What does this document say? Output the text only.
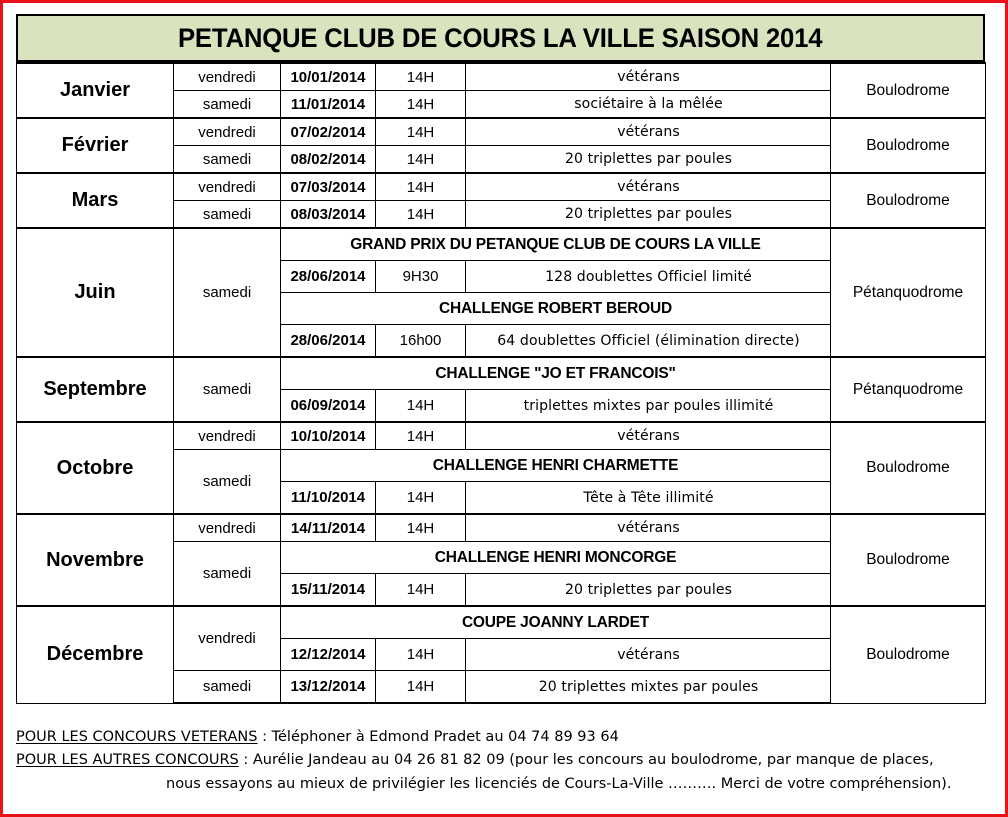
PETANQUE CLUB DE COURS LA VILLE SAISON 2014
Janvier	vendredi	10/01/2014	14H	vétérans	Boulodrome
	samedi	11/01/2014	14H	sociétaire à la mêlée	
Février	vendredi	07/02/2014	14H	vétérans	Boulodrome
	samedi	08/02/2014	14H	20 triplettes par poules	
Mars	vendredi	07/03/2014	14H	vétérans	Boulodrome
	samedi	08/03/2014	14H	20 triplettes par poules	
Juin	samedi	GRAND PRIX DU PETANQUE CLUB DE COURS LA VILLE			Pétanquodrome
		28/06/2014	9H30	128 doublettes Officiel limité	
		CHALLENGE ROBERT BEROUD			
		28/06/2014	16h00	64 doublettes Officiel (élimination directe)	
Septembre	samedi	CHALLENGE "JO ET FRANCOIS"			Pétanquodrome
		06/09/2014	14H	triplettes mixtes par poules illimité	
Octobre	vendredi	10/10/2014	14H	vétérans	Boulodrome
	samedi	CHALLENGE HENRI CHARMETTE			
		11/10/2014	14H	Tête à Tête illimité	
Novembre	vendredi	14/11/2014	14H	vétérans	Boulodrome
	samedi	CHALLENGE HENRI MONCORGE			
		15/11/2014	14H	20 triplettes par poules	
Décembre	vendredi	COUPE JOANNY LARDET			Boulodrome
		12/12/2014	14H	vétérans	
	samedi	13/12/2014	14H	20 triplettes mixtes par poules	
POUR LES CONCOURS VETERANS : Téléphoner à Edmond Pradet au 04 74 89 93 64
POUR LES AUTRES CONCOURS : Aurélie Jandeau au 04 26 81 82 09 (pour les concours au boulodrome, par manque de places,
nous essayons au mieux de privilégier les licenciés de Cours-La-Ville ………. Merci de votre compréhension).
